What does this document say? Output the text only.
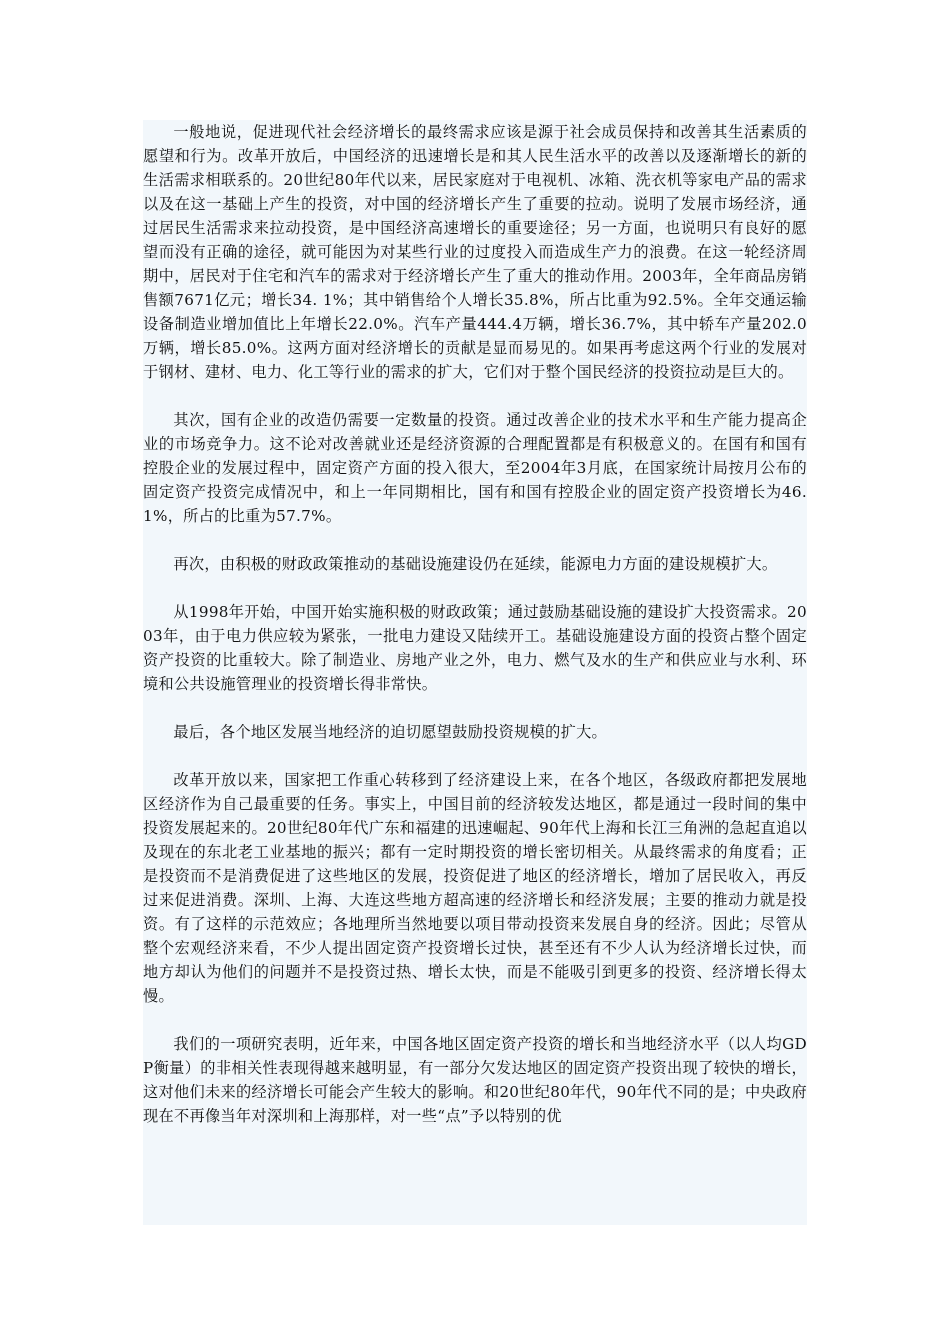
一般地说，促进现代社会经济增长的最终需求应该是源于社会成员保持和改善其生活素质的愿望和行为。改革开放后，中国经济的迅速增长是和其人民生活水平的改善以及逐渐增长的新的生活需求相联系的。20世纪80年代以来，居民家庭对于电视机、冰箱、洗衣机等家电产品的需求以及在这一基础上产生的投资，对中国的经济增长产生了重要的拉动。说明了发展市场经济，通过居民生活需求来拉动投资，是中国经济高速增长的重要途径；另一方面，也说明只有良好的愿望而没有正确的途径，就可能因为对某些行业的过度投入而造成生产力的浪费。在这一轮经济周期中，居民对于住宅和汽车的需求对于经济增长产生了重大的推动作用。2003年，全年商品房销售额7671亿元；增长34. 1%；其中销售给个人增长35.8%，所占比重为92.5%。全年交通运输设备制造业增加值比上年增长22.0%。汽车产量444.4万辆，增长36.7%，其中轿车产量202.0万辆，增长85.0%。这两方面对经济增长的贡献是显而易见的。如果再考虑这两个行业的发展对于钢材、建材、电力、化工等行业的需求的扩大，它们对于整个国民经济的投资拉动是巨大的。

其次，国有企业的改造仍需要一定数量的投资。通过改善企业的技术水平和生产能力提高企业的市场竞争力。这不论对改善就业还是经济资源的合理配置都是有积极意义的。在国有和国有控股企业的发展过程中，固定资产方面的投入很大，至2004年3月底，在国家统计局按月公布的固定资产投资完成情况中，和上一年同期相比，国有和国有控股企业的固定资产投资增长为46.1%，所占的比重为57.7%。

再次，由积极的财政政策推动的基础设施建设仍在延续，能源电力方面的建设规模扩大。

从1998年开始，中国开始实施积极的财政政策；通过鼓励基础设施的建设扩大投资需求。2003年，由于电力供应较为紧张，一批电力建设又陆续开工。基础设施建设方面的投资占整个固定资产投资的比重较大。除了制造业、房地产业之外，电力、燃气及水的生产和供应业与水利、环境和公共设施管理业的投资增长得非常快。

最后，各个地区发展当地经济的迫切愿望鼓励投资规模的扩大。

改革开放以来，国家把工作重心转移到了经济建设上来，在各个地区，各级政府都把发展地区经济作为自己最重要的任务。事实上，中国目前的经济较发达地区，都是通过一段时间的集中投资发展起来的。20世纪80年代广东和福建的迅速崛起、90年代上海和长江三角洲的急起直追以及现在的东北老工业基地的振兴；都有一定时期投资的增长密切相关。从最终需求的角度看；正是投资而不是消费促进了这些地区的发展，投资促进了地区的经济增长，增加了居民收入，再反过来促进消费。深圳、上海、大连这些地方超高速的经济增长和经济发展；主要的推动力就是投资。有了这样的示范效应；各地理所当然地要以项目带动投资来发展自身的经济。因此；尽管从整个宏观经济来看，不少人提出固定资产投资增长过快，甚至还有不少人认为经济增长过快，而地方却认为他们的问题并不是投资过热、增长太快，而是不能吸引到更多的投资、经济增长得太慢。

我们的一项研究表明，近年来，中国各地区固定资产投资的增长和当地经济水平（以人均GDP衡量）的非相关性表现得越来越明显，有一部分欠发达地区的固定资产投资出现了较快的增长，这对他们未来的经济增长可能会产生较大的影响。和20世纪80年代，90年代不同的是；中央政府现在不再像当年对深圳和上海那样，对一些“点”予以特别的优
